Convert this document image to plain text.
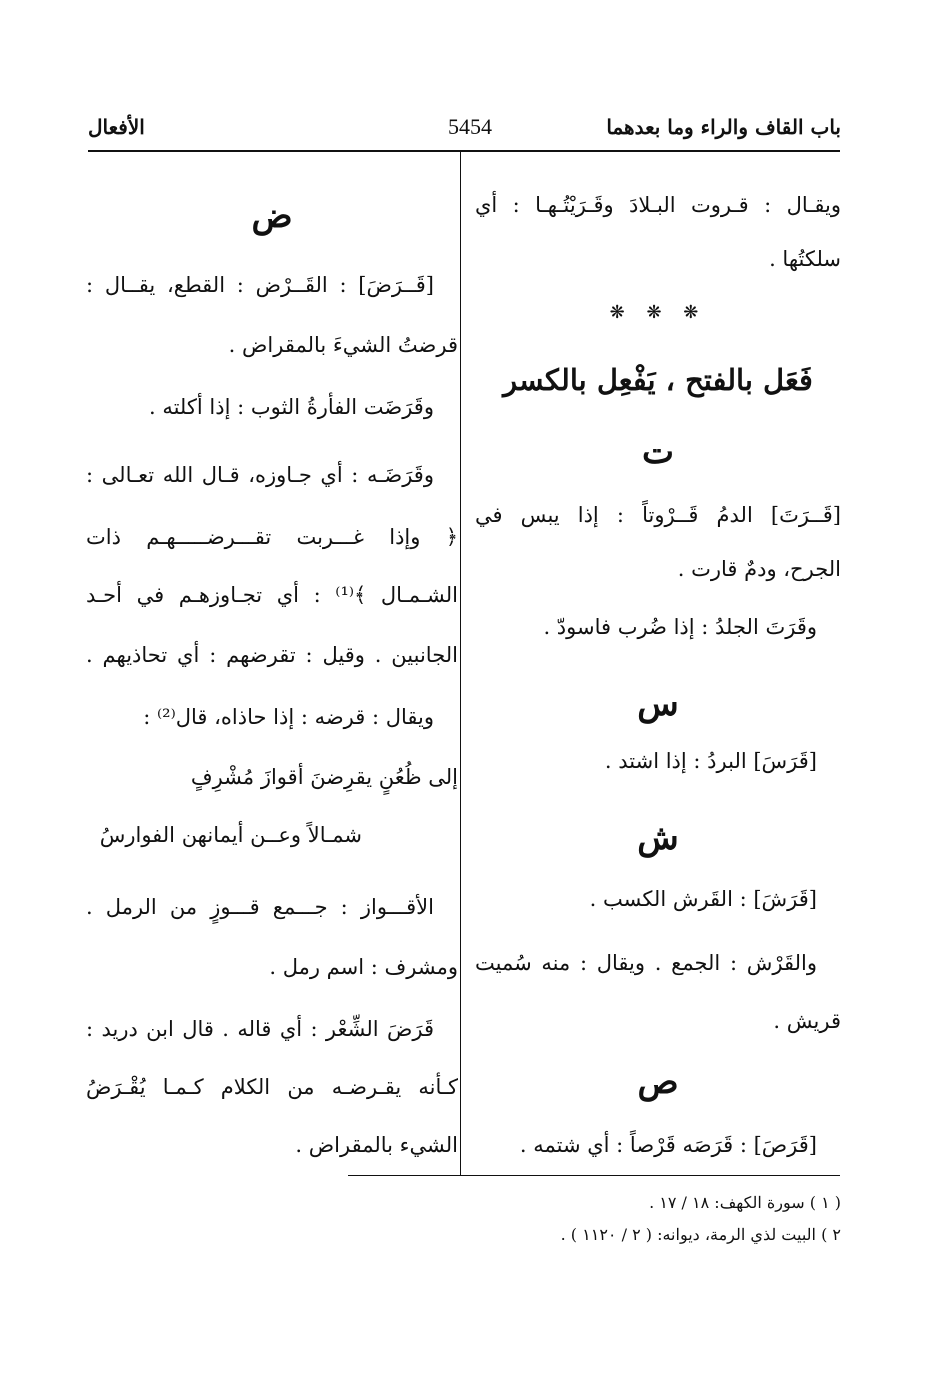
باب القاف والراء وما بعدهما
5454
الأفعال
ويقـال : قـروت البـلادَ وقَـرَيْتُـهـا : أي
سلكتُها .
❋ ❋ ❋
فَعَل بالفتح ، يَفْعِل بالكسر
ت
[قَــرَتَ] الدمُ قَــرْوتاً : إذا يبس في
الجرح، ودمٌ قارت .
وقَرَتَ الجلدُ : إذا ضُرب فاسودّ .
س
[قَرَسَ] البردُ : إذا اشتد .
ش
[قَرَشَ] : القَرش الكسب .
والقَرْش : الجمع . ويقال : منه سُميت
قريش .
ص
[قَرَصَ] : قَرَصَه قَرْصاً : أي شتمه .
ض
[قَــرَضَ] : القَــرْض : القطع، يقــال :
قرضتُ الشيءَ بالمقراض .
وقَرَضَت الفأرةُ الثوب : إذا أكلته .
وقَرَضَـه : أي جـاوزه، قـال الله تعـالى :
﴿ وإذا غـــربت تقـــرضـــــهـم ذات
الشـمـال ﴾⁽¹⁾ : أي تجـاوزهـم في أحـد
الجانبين . وقيل : تقرضهم : أي تحاذيهم .
ويقال : قرضه : إذا حاذاه، قال⁽²⁾ :
إلى ظُعُنٍ يقرِضنَ أقوازَ مُشْرِفٍ
شمـالاً وعــن أيمانهن الفوارسُ
الأقـــواز : جـــمع قـــوزٍ من الرمل .
ومشرف : اسم رمل .
قَرَضَ الشِّعْر : أي قاله . قال ابن دريد :
كـأنه يقـرضـه من الكلام كـمـا يُقْـرَضُ
الشيء بالمقراض .
( ١ ) سورة الكهف: ١٨ / ١٧ .
٢ ) البيت لذي الرمة، ديوانه: ( ٢ / ١١٢٠ ) .
